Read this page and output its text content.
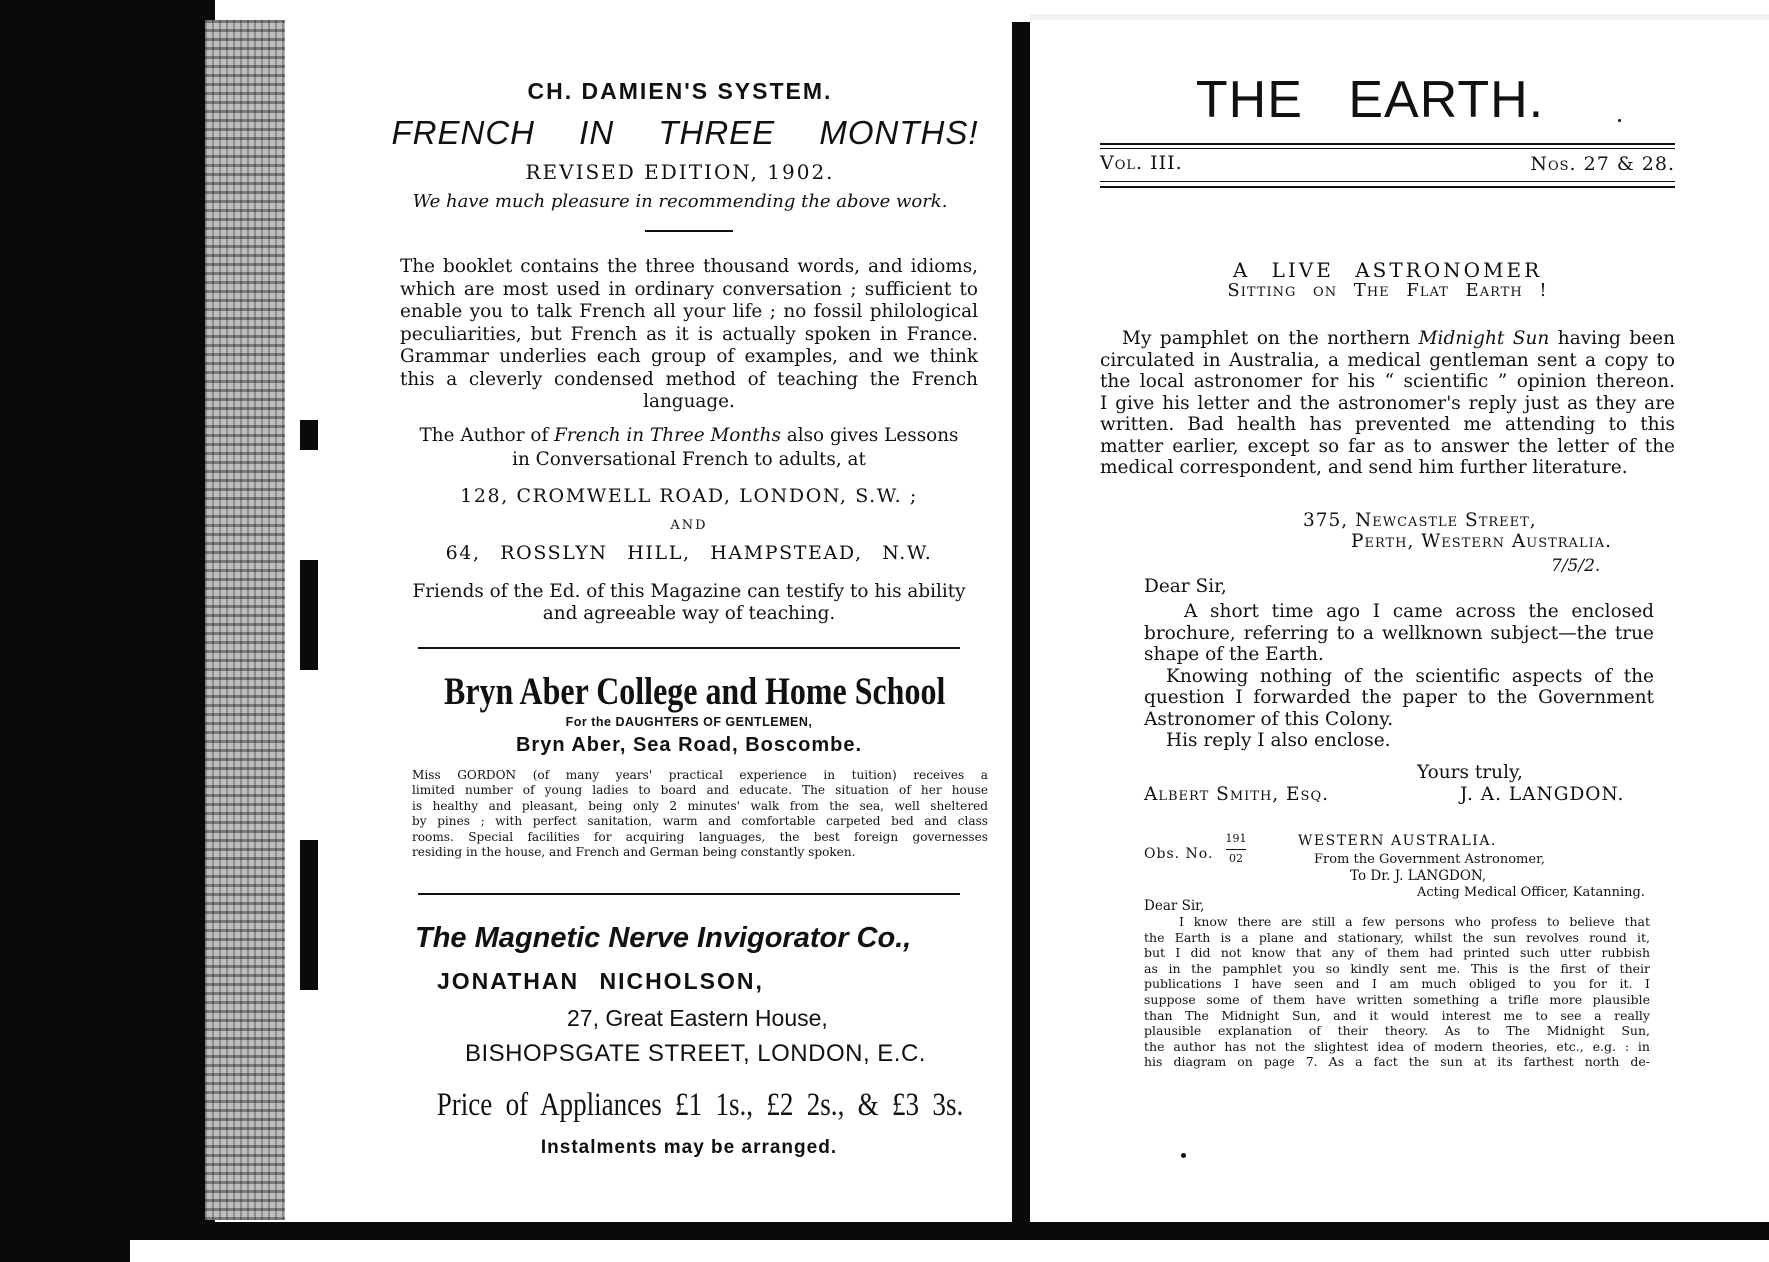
CH. DAMIEN'S SYSTEM.

FRENCH IN THREE MONTHS!

REVISED EDITION, 1902.

We have much pleasure in recommending the above work.

The booklet contains the three thousand words, and idioms,
which are most used in ordinary conversation ; sufficient to
enable you to talk French all your life ; no fossil philological
peculiarities, but French as it is actually spoken in France.
Grammar underlies each group of examples, and we think
this a cleverly condensed method of teaching the French
language.

The Author of French in Three Months also gives Lessons

in Conversational French to adults, at

128, CROMWELL ROAD, LONDON, S.W. ;

AND

64, ROSSLYN HILL, HAMPSTEAD, N.W.

Friends of the Ed. of this Magazine can testify to his ability

and agreeable way of teaching.

Bryn Aber College and Home School

For the DAUGHTERS OF GENTLEMEN,

Bryn Aber, Sea Road, Boscombe.

Miss GORDON (of many years' practical experience in tuition) receives a
limited number of young ladies to board and educate. The situation of her house
is healthy and pleasant, being only 2 minutes' walk from the sea, well sheltered
by pines ; with perfect sanitation, warm and comfortable carpeted bed and class
rooms. Special facilities for acquiring languages, the best foreign governesses
residing in the house, and French and German being constantly spoken.

The Magnetic Nerve Invigorator Co.,

JONATHAN NICHOLSON,

27, Great Eastern House,

BISHOPSGATE STREET, LONDON, E.C.

Price of Appliances £1 1s., £2 2s., & £3 3s.

Instalments may be arranged.

THE EARTH.

Vol. III.	Nos. 27 & 28.

A LIVE ASTRONOMER

Sitting on The Flat Earth !

My pamphlet on the northern Midnight Sun having been
circulated in Australia, a medical gentleman sent a copy to
the local astronomer for his “ scientific ” opinion thereon.
I give his letter and the astronomer's reply just as they are
written. Bad health has prevented me attending to this
matter earlier, except so far as to answer the letter of the
medical correspondent, and send him further literature.

375, Newcastle Street,

Perth, Western Australia.

7/5/2.

Dear Sir,

A short time ago I came across the enclosed
brochure, referring to a wellknown subject—the true
shape of the Earth.
Knowing nothing of the scientific aspects of the
question I forwarded the paper to the Government
Astronomer of this Colony.
His reply I also enclose.

Yours truly,

Albert Smith, Esq.	J. A. LANGDON.

Obs. No.

191

02

WESTERN AUSTRALIA.

From the Government Astronomer,

To Dr. J. LANGDON,

Acting Medical Officer, Katanning.

Dear Sir,

I know there are still a few persons who profess to believe that
the Earth is a plane and stationary, whilst the sun revolves round it,
but I did not know that any of them had printed such utter rubbish
as in the pamphlet you so kindly sent me. This is the first of their
publications I have seen and I am much obliged to you for it. I
suppose some of them have written something a trifle more plausible
than The Midnight Sun, and it would interest me to see a really
plausible explanation of their theory. As to The Midnight Sun,
the author has not the slightest idea of modern theories, etc., e.g. : in
his diagram on page 7. As a fact the sun at its farthest north de-
